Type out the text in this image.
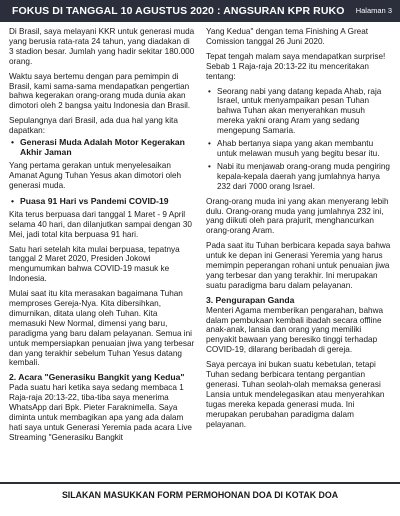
FOKUS DI TANGGAL 10 AGUSTUS 2020 : ANGSURAN KPR RUKO Halaman 3

Di Brasil, saya melayani KKR untuk generasi muda yang berusia rata-rata 24 tahun, yang diadakan di 3 stadion besar. Jumlah yang hadir sekitar 180.000 orang.

Waktu saya bertemu dengan para pemimpin di Brasil, kami sama-sama mendapatkan pengertian bahwa kegerakan orang-orang muda dunia akan dimotori oleh 2 bangsa yaitu Indonesia dan Brasil.

Sepulangnya dari Brasil, ada dua hal yang kita dapatkan:

• Generasi Muda Adalah Motor Kegerakan Akhir Jaman

Yang pertama gerakan untuk menyelesaikan Amanat Agung Tuhan Yesus akan dimotori oleh generasi muda.

• Puasa 91 Hari vs Pandemi COVID-19

Kita terus berpuasa dari tanggal 1 Maret - 9 April selama 40 hari, dan dilanjutkan sampai dengan 30 Mei, jadi total kita berpuasa 91 hari.

Satu hari setelah kita mulai berpuasa, tepatnya tanggal 2 Maret 2020, Presiden Jokowi mengumumkan bahwa COVID-19 masuk ke Indonesia.

Mulai saat itu kita merasakan bagaimana Tuhan memproses Gereja-Nya. Kita dibersihkan, dimurnikan, ditata ulang oleh Tuhan. Kita memasuki New Normal, dimensi yang baru, paradigma yang baru dalam pelayanan. Semua ini untuk mempersiapkan penuaian jiwa yang terbesar dan yang terakhir sebelum Tuhan Yesus datang kembali.

2. Acara "Generasiku Bangkit yang Kedua"

Pada suatu hari ketika saya sedang membaca 1 Raja-raja 20:13-22, tiba-tiba saya menerima WhatsApp dari Bpk. Pieter Faraknimella. Saya diminta untuk membagikan apa yang ada dalam hati saya untuk Generasi Yeremia pada acara Live Streaming "Generasiku Bangkit

Yang Kedua" dengan tema Finishing A Great Comission tanggal 26 Juni 2020.

Tepat tengah malam saya mendapatkan surprise! Sebab 1 Raja-raja 20:13-22 itu menceritakan tentang:

• Seorang nabi yang datang kepada Ahab, raja Israel, untuk menyampaikan pesan Tuhan bahwa Tuhan akan menyerahkan musuh mereka yakni orang Aram yang sedang mengepung Samaria.
• Ahab bertanya siapa yang akan membantu untuk melawan musuh yang begitu besar itu.
• Nabi itu menjawab orang-orang muda pengiring kepala-kepala daerah yang jumlahnya hanya 232 dari 7000 orang Israel.

Orang-orang muda ini yang akan menyerang lebih dulu. Orang-orang muda yang jumlahnya 232 ini, yang diikuti oleh para prajurit, menghancurkan orang-orang Aram.

Pada saat itu Tuhan berbicara kepada saya bahwa untuk ke depan ini Generasi Yeremia yang harus memimpin peperangan rohani untuk penuaian jiwa yang terbesar dan yang terakhir. Ini merupakan suatu paradigma baru dalam pelayanan.

3. Pengurapan Ganda

Menteri Agama memberikan pengarahan, bahwa dalam pembukaan kembali ibadah secara offline anak-anak, lansia dan orang yang memiliki penyakit bawaan yang beresiko tinggi terhadap COVID-19, dilarang beribadah di gereja.

Saya percaya ini bukan suatu kebetulan, tetapi Tuhan sedang berbicara tentang pergantian generasi. Tuhan seolah-olah memaksa generasi Lansia untuk mendelegasikan atau menyerahkan tugas mereka kepada generasi muda. Ini merupakan perubahan paradigma dalam pelayanan.

SILAKAN MASUKKAN FORM PERMOHONAN DOA DI KOTAK DOA
